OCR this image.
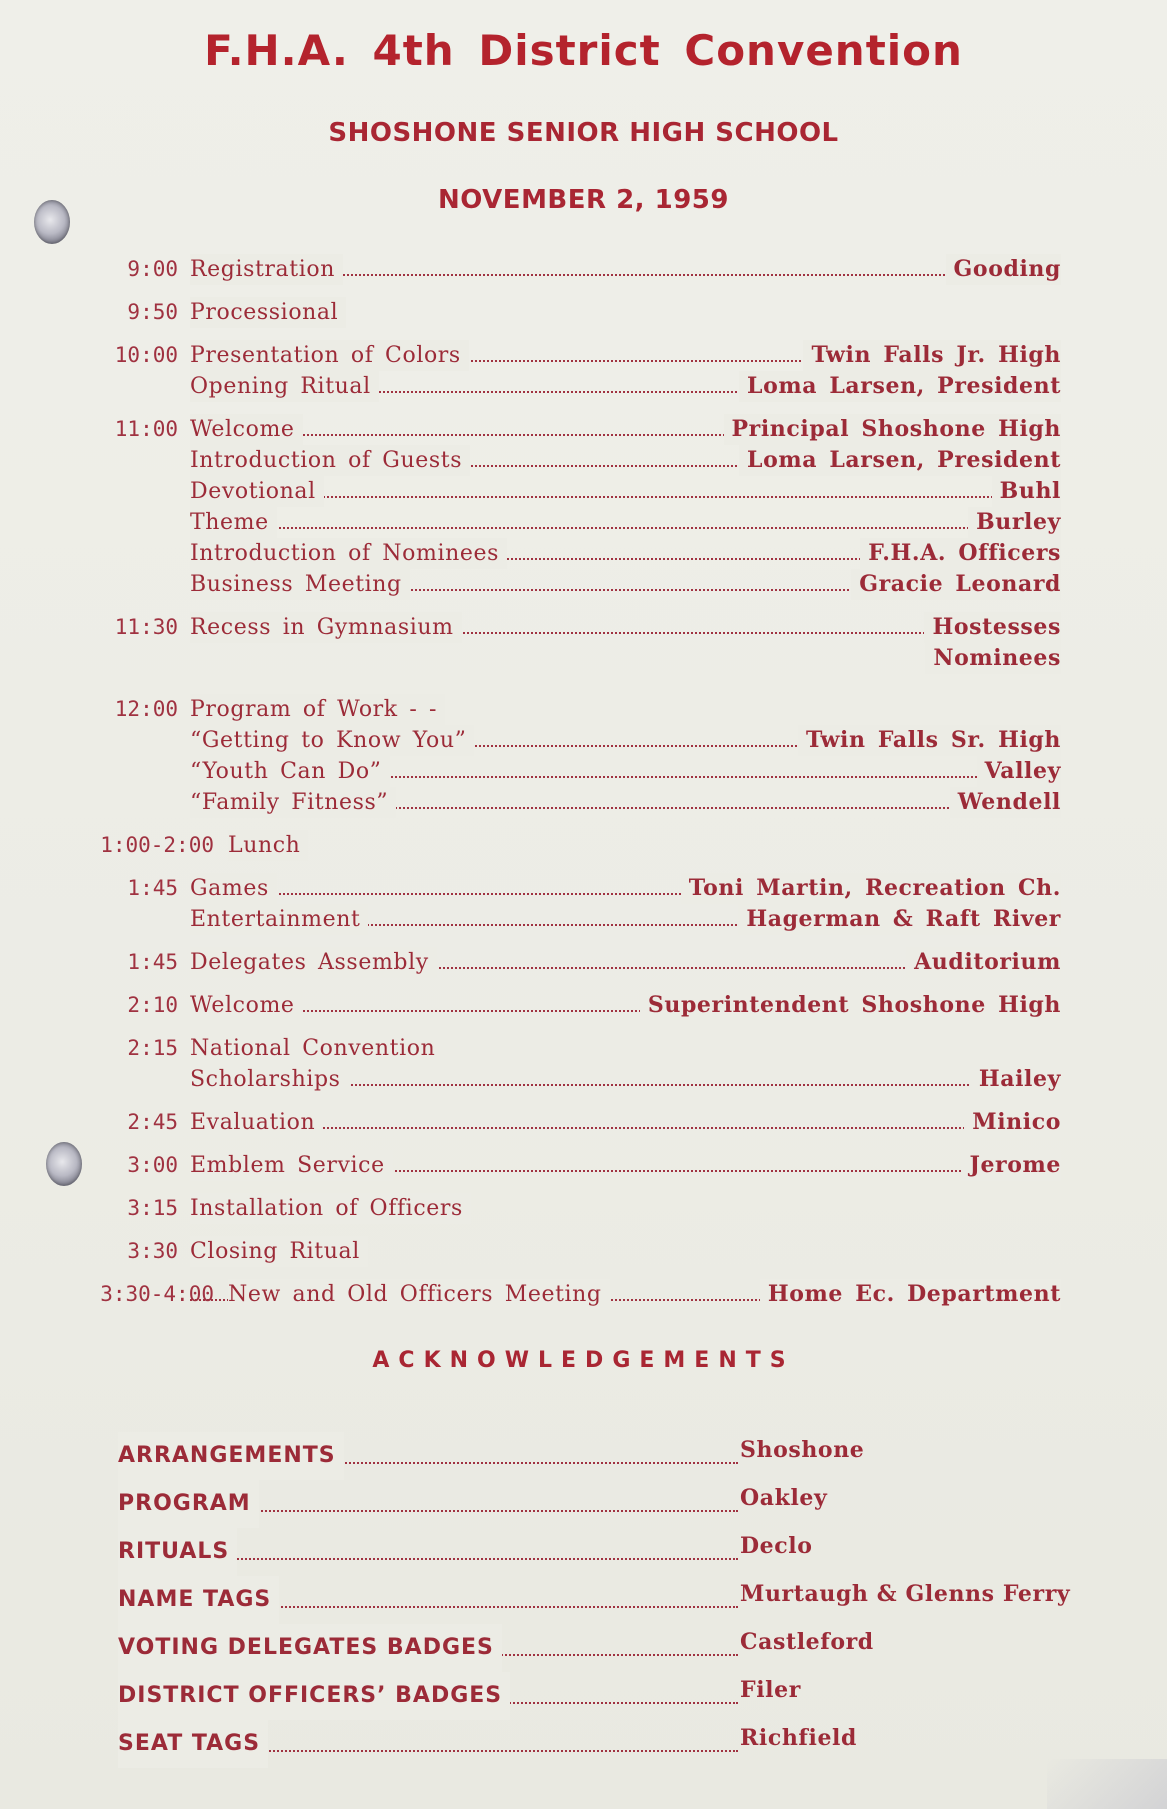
F.H.A. 4th District Convention
SHOSHONE SENIOR HIGH SCHOOL
NOVEMBER 2, 1959
9:00 Registration	Gooding
9:50 Processional
10:00 Presentation of Colors	Twin Falls Jr. High
Opening Ritual	Loma Larsen, President
11:00 Welcome	Principal Shoshone High
Introduction of Guests	Loma Larsen, President
Devotional	Buhl
Theme	Burley
Introduction of Nominees	F.H.A. Officers
Business Meeting	Gracie Leonard
11:30 Recess in Gymnasium	Hostesses
Nominees
12:00 Program of Work - -
“Getting to Know You”	Twin Falls Sr. High
“Youth Can Do”	Valley
“Family Fitness”	Wendell
1:00-2:00 Lunch
1:45 Games	Toni Martin, Recreation Ch.
Entertainment	Hagerman & Raft River
1:45 Delegates Assembly	Auditorium
2:10 Welcome	Superintendent Shoshone High
2:15 National Convention
Scholarships	Hailey
2:45 Evaluation	Minico
3:00 Emblem Service	Jerome
3:15 Installation of Officers
3:30 Closing Ritual
3:30-4:00 New and Old Officers Meeting	Home Ec. Department
ACKNOWLEDGEMENTS
ARRANGEMENTS	Shoshone
PROGRAM	Oakley
RITUALS	Declo
NAME TAGS	Murtaugh & Glenns Ferry
VOTING DELEGATES BADGES	Castleford
DISTRICT OFFICERS’ BADGES	Filer
SEAT TAGS	Richfield
